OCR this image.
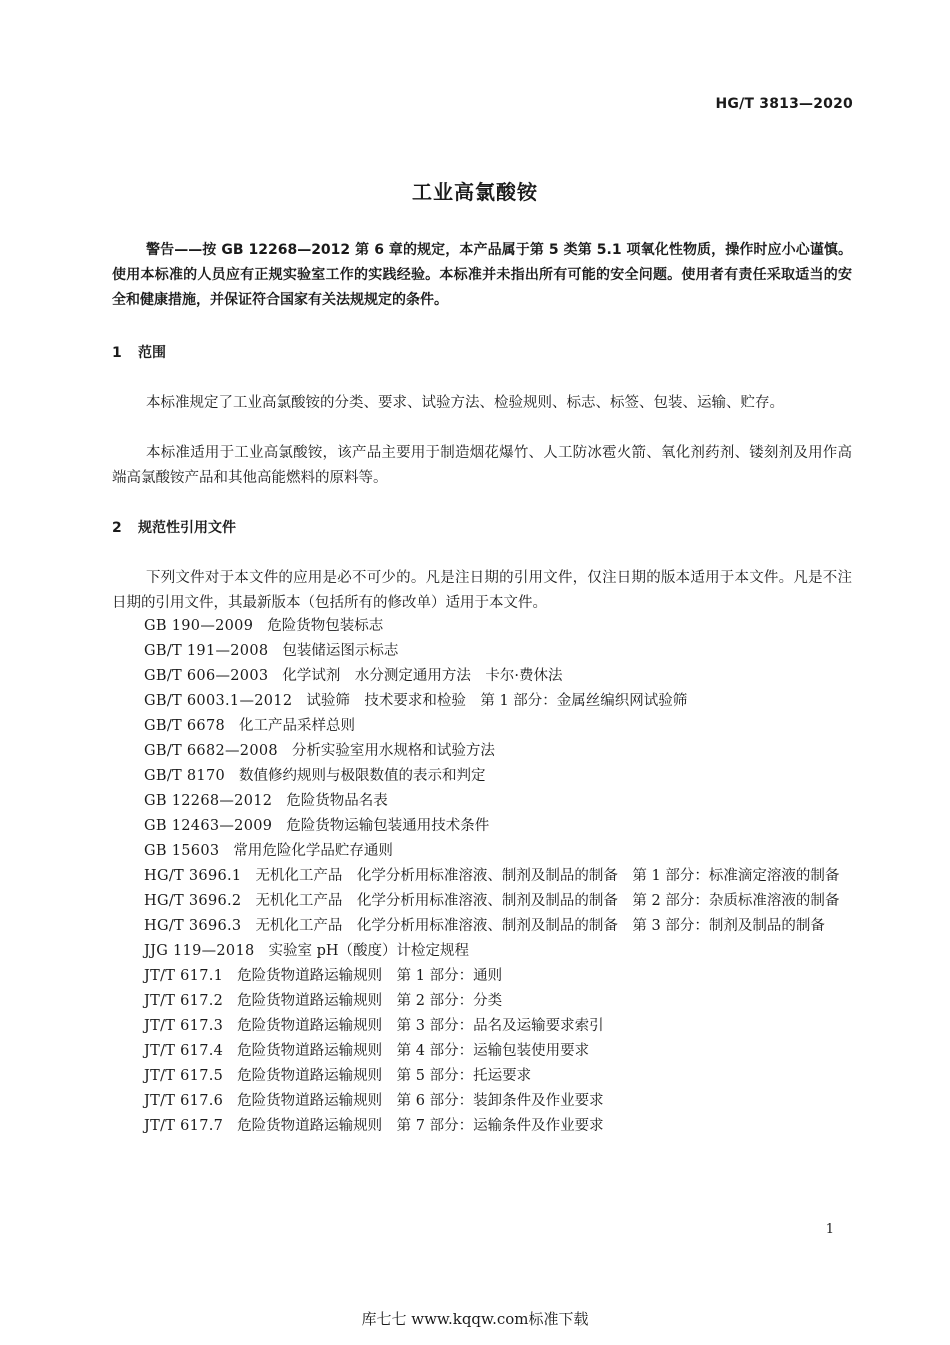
HG/T 3813—2020
工业高氯酸铵

警告——按 GB 12268—2012 第 6 章的规定，本产品属于第 5 类第 5.1 项氧化性物质，操作时应小心谨慎。使用本标准的人员应有正规实验室工作的实践经验。本标准并未指出所有可能的安全问题。使用者有责任采取适当的安全和健康措施，并保证符合国家有关法规规定的条件。

1 范围

本标准规定了工业高氯酸铵的分类、要求、试验方法、检验规则、标志、标签、包装、运输、贮存。

本标准适用于工业高氯酸铵，该产品主要用于制造烟花爆竹、人工防冰雹火箭、氧化剂药剂、镂刻剂及用作高端高氯酸铵产品和其他高能燃料的原料等。

2 规范性引用文件

下列文件对于本文件的应用是必不可少的。凡是注日期的引用文件，仅注日期的版本适用于本文件。凡是不注日期的引用文件，其最新版本（包括所有的修改单）适用于本文件。

GB 190—2009 危险货物包装标志
GB/T 191—2008 包装储运图示标志
GB/T 606—2003 化学试剂　水分测定通用方法　卡尔·费休法
GB/T 6003.1—2012 试验筛　技术要求和检验　第 1 部分：金属丝编织网试验筛
GB/T 6678 化工产品采样总则
GB/T 6682—2008 分析实验室用水规格和试验方法
GB/T 8170 数值修约规则与极限数值的表示和判定
GB 12268—2012 危险货物品名表
GB 12463—2009 危险货物运输包装通用技术条件
GB 15603 常用危险化学品贮存通则
HG/T 3696.1 无机化工产品　化学分析用标准溶液、制剂及制品的制备　第 1 部分：标准滴定溶液的制备
HG/T 3696.2 无机化工产品　化学分析用标准溶液、制剂及制品的制备　第 2 部分：杂质标准溶液的制备
HG/T 3696.3 无机化工产品　化学分析用标准溶液、制剂及制品的制备　第 3 部分：制剂及制品的制备
JJG 119—2018 实验室 pH（酸度）计检定规程
JT/T 617.1 危险货物道路运输规则　第 1 部分：通则
JT/T 617.2 危险货物道路运输规则　第 2 部分：分类
JT/T 617.3 危险货物道路运输规则　第 3 部分：品名及运输要求索引
JT/T 617.4 危险货物道路运输规则　第 4 部分：运输包装使用要求
JT/T 617.5 危险货物道路运输规则　第 5 部分：托运要求
JT/T 617.6 危险货物道路运输规则　第 6 部分：装卸条件及作业要求
JT/T 617.7 危险货物道路运输规则　第 7 部分：运输条件及作业要求
1
库七七 www.kqqw.com标准下载
